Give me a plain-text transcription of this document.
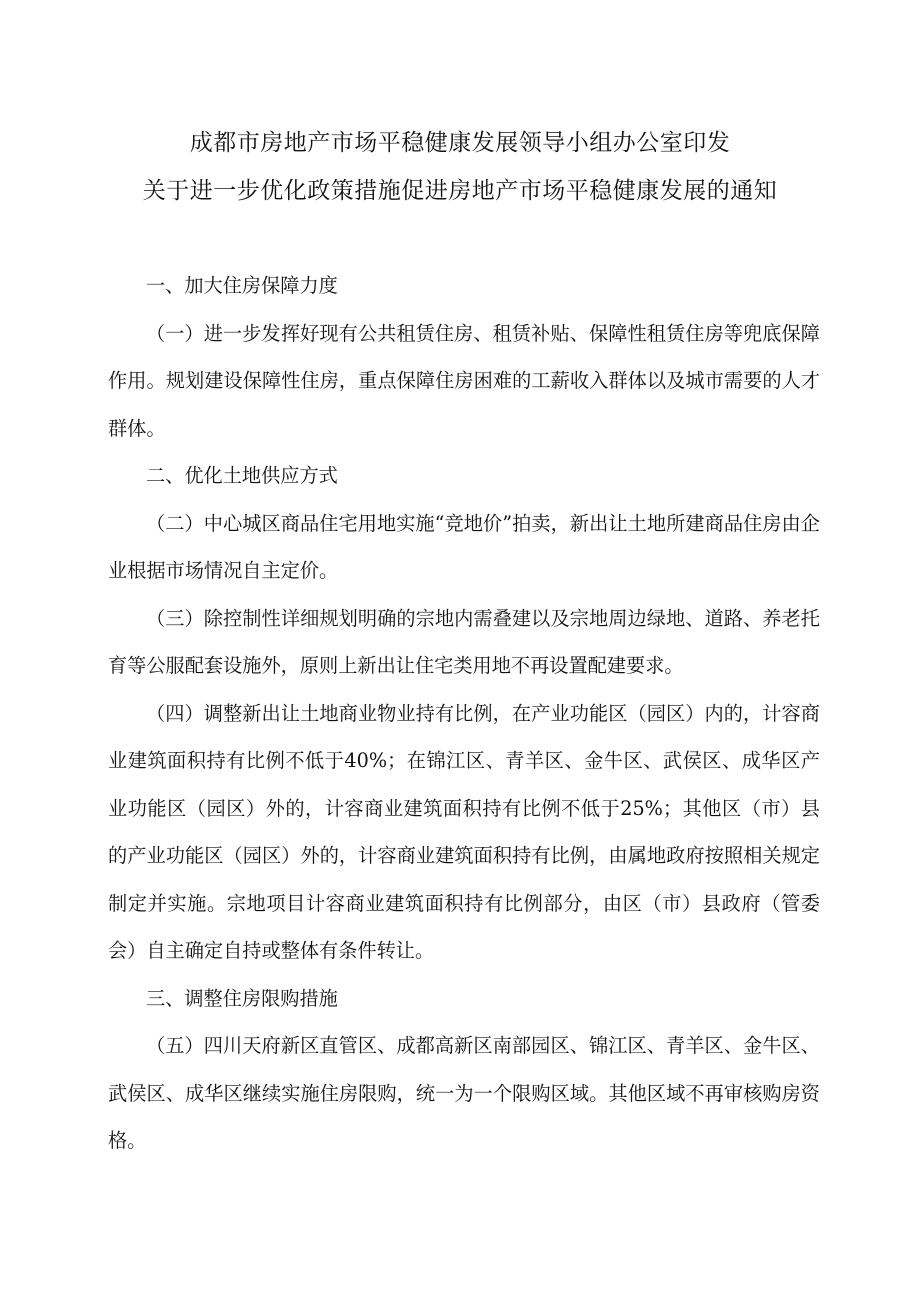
成都市房地产市场平稳健康发展领导小组办公室印发
关于进一步优化政策措施促进房地产市场平稳健康发展的通知

一、加大住房保障力度

（一）进一步发挥好现有公共租赁住房、租赁补贴、保障性租赁住房等兜底保障作用。规划建设保障性住房，重点保障住房困难的工薪收入群体以及城市需要的人才群体。

二、优化土地供应方式

（二）中心城区商品住宅用地实施“竞地价”拍卖，新出让土地所建商品住房由企业根据市场情况自主定价。

（三）除控制性详细规划明确的宗地内需叠建以及宗地周边绿地、道路、养老托育等公服配套设施外，原则上新出让住宅类用地不再设置配建要求。

（四）调整新出让土地商业物业持有比例，在产业功能区（园区）内的，计容商业建筑面积持有比例不低于40%；在锦江区、青羊区、金牛区、武侯区、成华区产业功能区（园区）外的，计容商业建筑面积持有比例不低于25%；其他区（市）县的产业功能区（园区）外的，计容商业建筑面积持有比例，由属地政府按照相关规定制定并实施。宗地项目计容商业建筑面积持有比例部分，由区（市）县政府（管委会）自主确定自持或整体有条件转让。

三、调整住房限购措施

（五）四川天府新区直管区、成都高新区南部园区、锦江区、青羊区、金牛区、武侯区、成华区继续实施住房限购，统一为一个限购区域。其他区域不再审核购房资格。
